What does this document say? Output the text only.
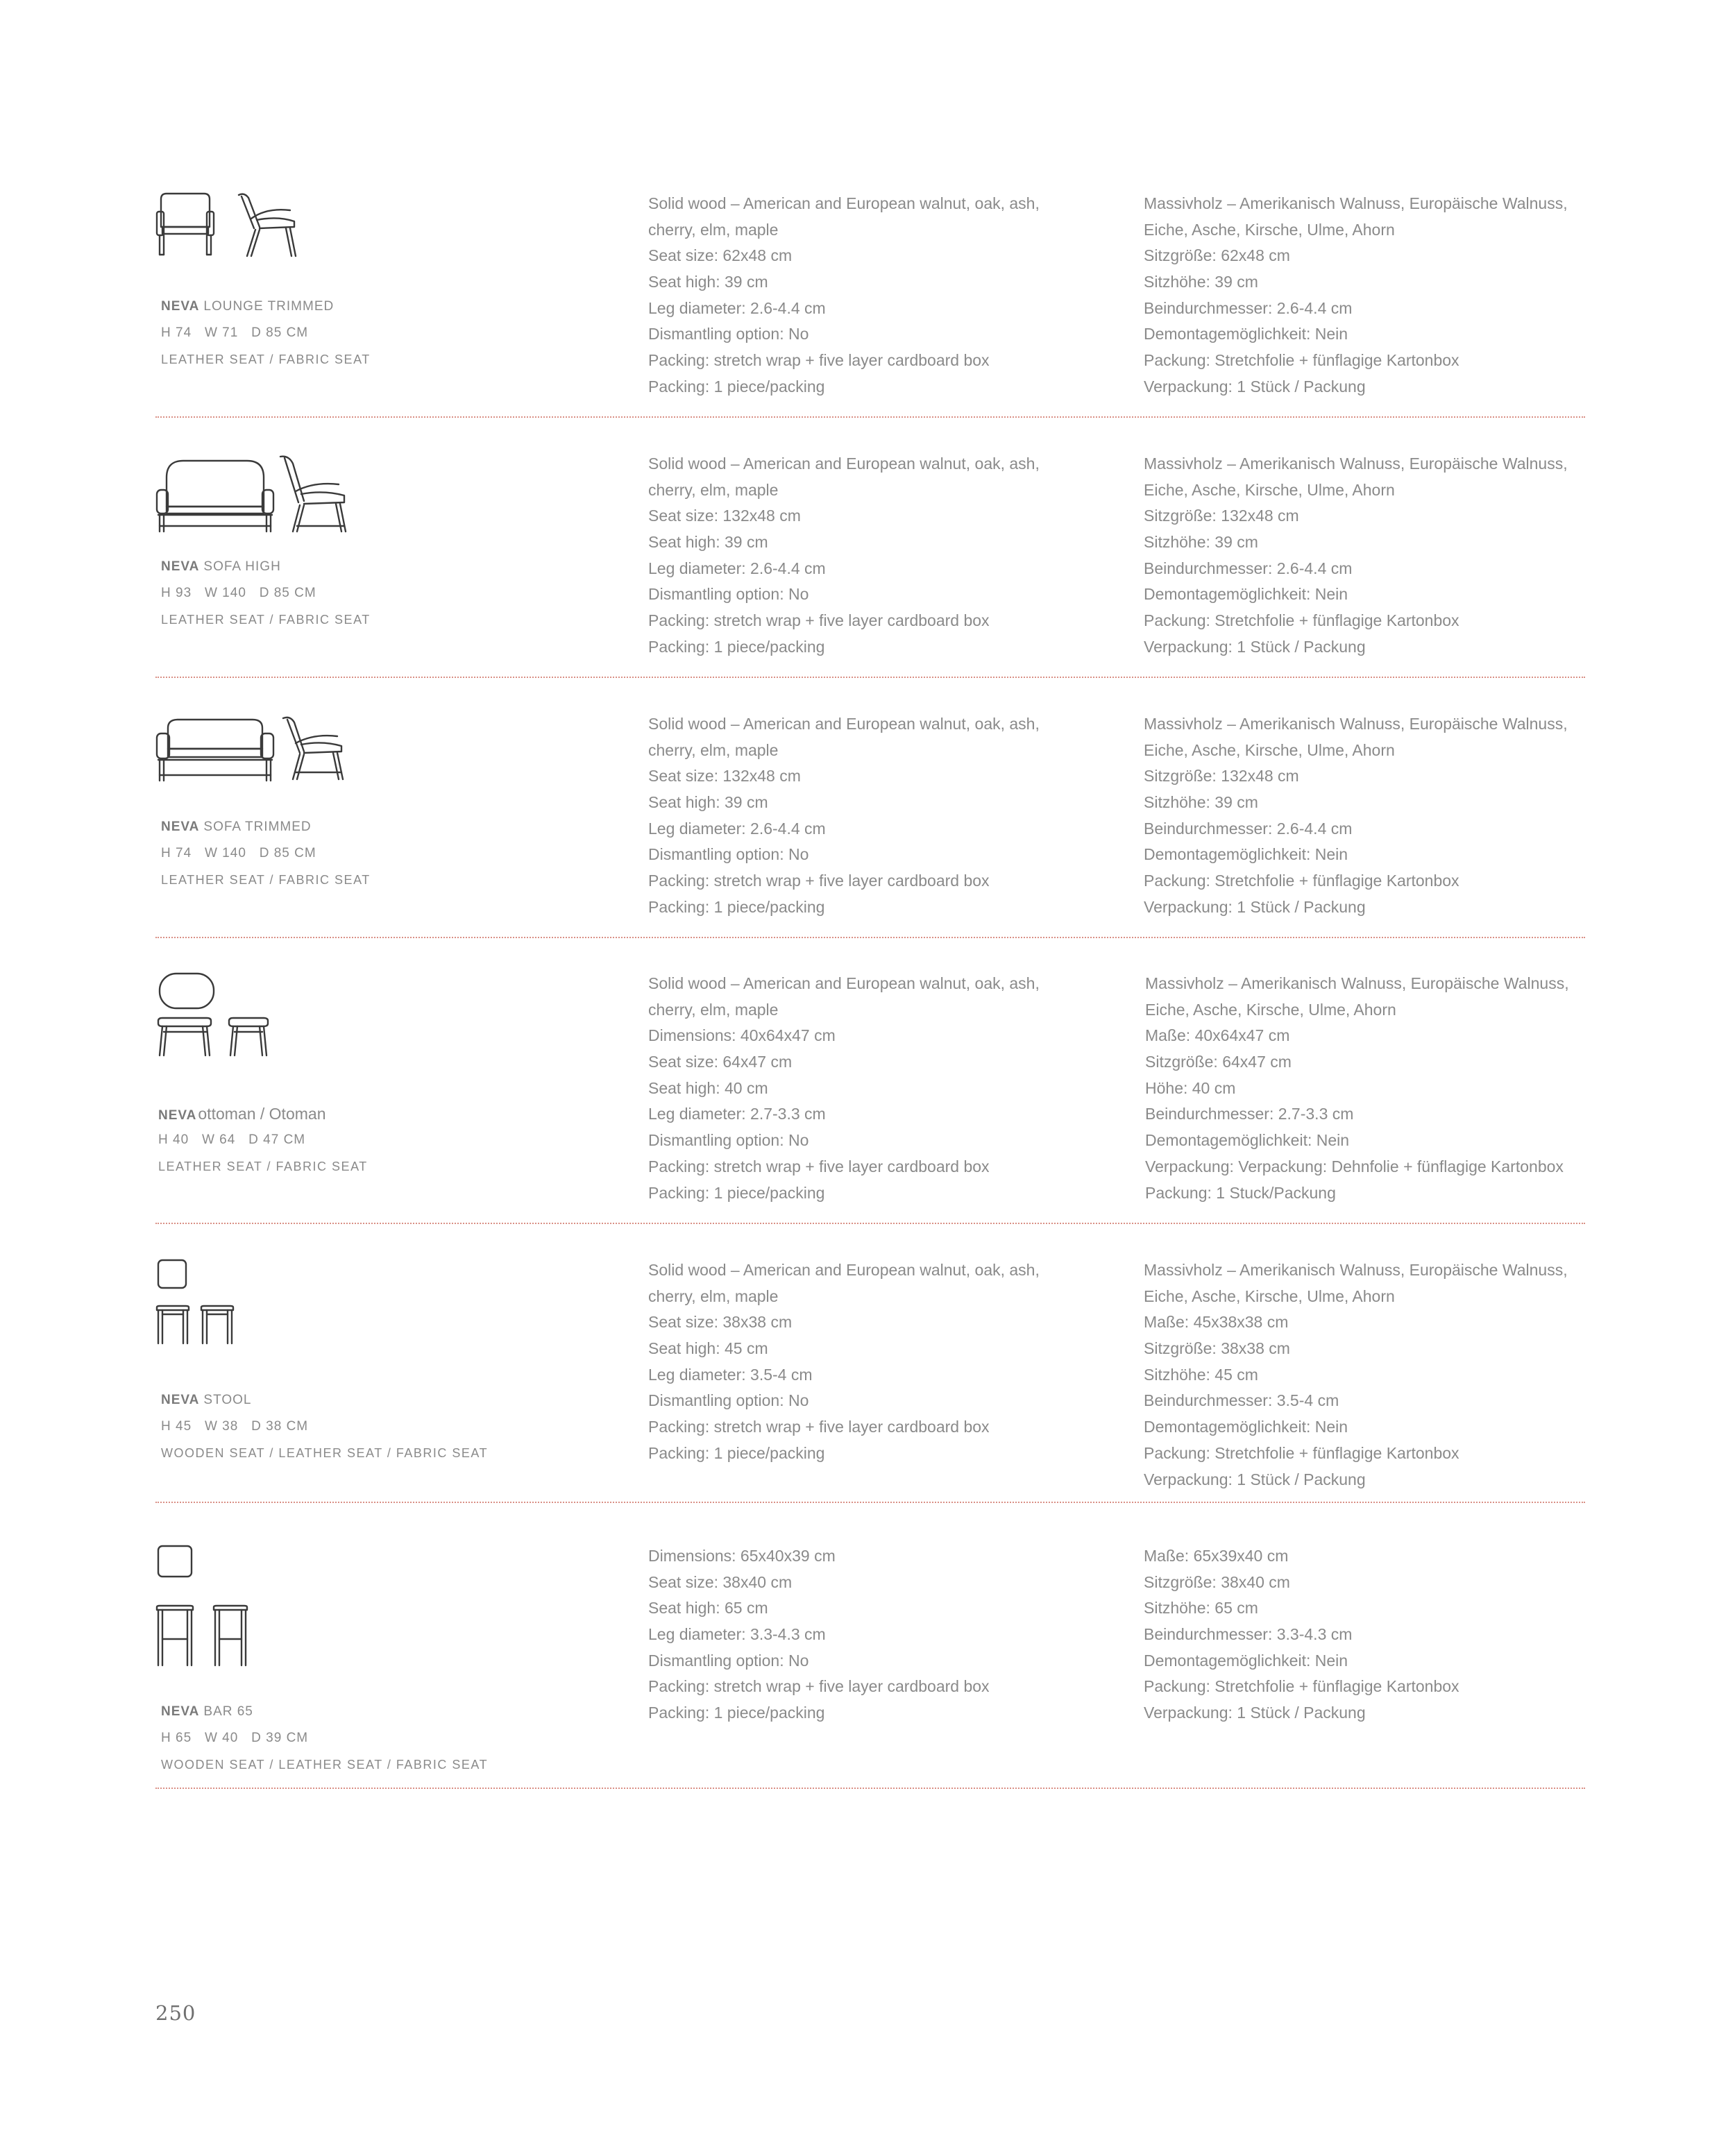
NEVA LOUNGE TRIMMED
H 74   W 71   D 85 CM
LEATHER SEAT / FABRIC SEAT
Solid wood – American and European walnut, oak, ash,
cherry, elm, maple
Seat size: 62x48 cm
Seat high: 39 cm
Leg diameter: 2.6-4.4 cm
Dismantling option: No
Packing: stretch wrap + five layer cardboard box
Packing: 1 piece/packing
Massivholz – Amerikanisch Walnuss, Europäische Walnuss,
Eiche, Asche, Kirsche, Ulme, Ahorn
Sitzgröße: 62x48 cm
Sitzhöhe: 39 cm
Beindurchmesser: 2.6-4.4 cm
Demontagemöglichkeit: Nein
Packung: Stretchfolie + fünflagige Kartonbox
Verpackung: 1 Stück / Packung
NEVA SOFA HIGH
H 93   W 140   D 85 CM
LEATHER SEAT / FABRIC SEAT
Solid wood – American and European walnut, oak, ash,
cherry, elm, maple
Seat size: 132x48 cm
Seat high: 39 cm
Leg diameter: 2.6-4.4 cm
Dismantling option: No
Packing: stretch wrap + five layer cardboard box
Packing: 1 piece/packing
Massivholz – Amerikanisch Walnuss, Europäische Walnuss,
Eiche, Asche, Kirsche, Ulme, Ahorn
Sitzgröße: 132x48 cm
Sitzhöhe: 39 cm
Beindurchmesser: 2.6-4.4 cm
Demontagemöglichkeit: Nein
Packung: Stretchfolie + fünflagige Kartonbox
Verpackung: 1 Stück / Packung
NEVA SOFA TRIMMED
H 74   W 140   D 85 CM
LEATHER SEAT / FABRIC SEAT
Solid wood – American and European walnut, oak, ash,
cherry, elm, maple
Seat size: 132x48 cm
Seat high: 39 cm
Leg diameter: 2.6-4.4 cm
Dismantling option: No
Packing: stretch wrap + five layer cardboard box
Packing: 1 piece/packing
Massivholz – Amerikanisch Walnuss, Europäische Walnuss,
Eiche, Asche, Kirsche, Ulme, Ahorn
Sitzgröße: 132x48 cm
Sitzhöhe: 39 cm
Beindurchmesser: 2.6-4.4 cm
Demontagemöglichkeit: Nein
Packung: Stretchfolie + fünflagige Kartonbox
Verpackung: 1 Stück / Packung
NEVAottoman / Otoman
H 40   W 64   D 47 CM
LEATHER SEAT / FABRIC SEAT
Solid wood – American and European walnut, oak, ash,
cherry, elm, maple
Dimensions: 40x64x47 cm
Seat size: 64x47 cm
Seat high: 40 cm
Leg diameter: 2.7-3.3 cm
Dismantling option: No
Packing: stretch wrap + five layer cardboard box
Packing: 1 piece/packing
Massivholz – Amerikanisch Walnuss, Europäische Walnuss,
Eiche, Asche, Kirsche, Ulme, Ahorn
Maße: 40x64x47 cm
Sitzgröße: 64x47 cm
Höhe: 40 cm
Beindurchmesser: 2.7-3.3 cm
Demontagemöglichkeit: Nein
Verpackung: Verpackung: Dehnfolie + fünflagige Kartonbox
Packung: 1 Stuck/Packung
NEVA STOOL
H 45   W 38   D 38 CM
WOODEN SEAT / LEATHER SEAT / FABRIC SEAT
Solid wood – American and European walnut, oak, ash,
cherry, elm, maple
Seat size: 38x38 cm
Seat high: 45 cm
Leg diameter: 3.5-4 cm
Dismantling option: No
Packing: stretch wrap + five layer cardboard box
Packing: 1 piece/packing
Massivholz – Amerikanisch Walnuss, Europäische Walnuss,
Eiche, Asche, Kirsche, Ulme, Ahorn
Maße: 45x38x38 cm
Sitzgröße: 38x38 cm
Sitzhöhe: 45 cm
Beindurchmesser: 3.5-4 cm
Demontagemöglichkeit: Nein
Packung: Stretchfolie + fünflagige Kartonbox
Verpackung: 1 Stück / Packung
NEVA BAR 65
H 65   W 40   D 39 CM
WOODEN SEAT / LEATHER SEAT / FABRIC SEAT
Dimensions: 65x40x39 cm
Seat size: 38x40 cm
Seat high: 65 cm
Leg diameter: 3.3-4.3 cm
Dismantling option: No
Packing: stretch wrap + five layer cardboard box
Packing: 1 piece/packing
Maße: 65x39x40 cm
Sitzgröße: 38x40 cm
Sitzhöhe: 65 cm
Beindurchmesser: 3.3-4.3 cm
Demontagemöglichkeit: Nein
Packung: Stretchfolie + fünflagige Kartonbox
Verpackung: 1 Stück / Packung
250
